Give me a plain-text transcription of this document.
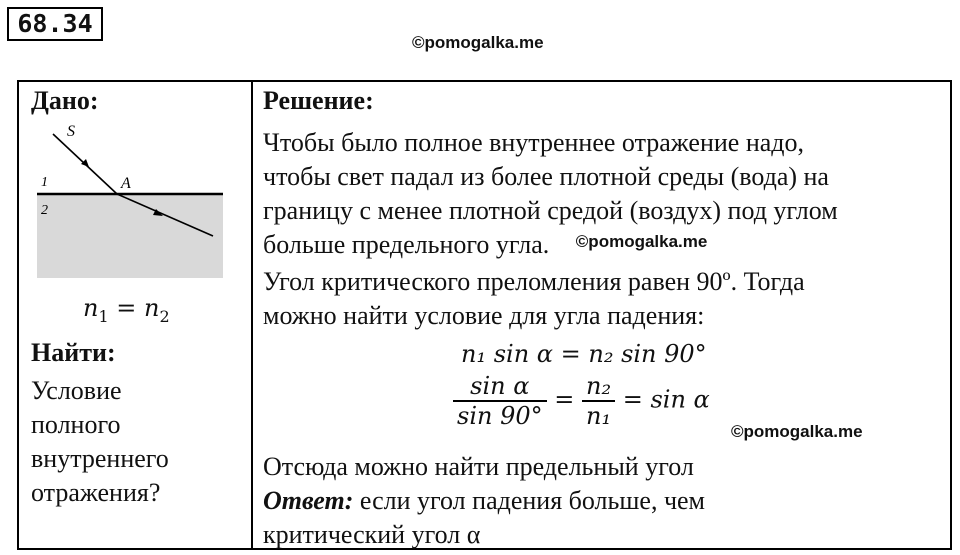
68.34
©pomogalka.me
Дано:
S
A
1
2
$n_1 = n_2$
Найти:
Условие
полного
внутреннего
отражения?

Решение:
Чтобы было полное внутреннее отражение надо,
чтобы свет падал из более плотной среды (вода) на
границу с менее плотной средой (воздух) под углом
больше предельного угла. $^{©pomogalka.me}$
Угол критического преломления равен 90º. Тогда
можно найти условие для угла падения:
n₁ sin α = n₂ sin 90°
$\frac{\text{sin α}}{\sin 90^\circ} = \frac{\text{n₂}}{\text{n₁}} = \sin \alpha$
©pomogalka.me
Отсюда можно найти предельный угол
Ответ: если угол падения больше, чем
критический угол α
